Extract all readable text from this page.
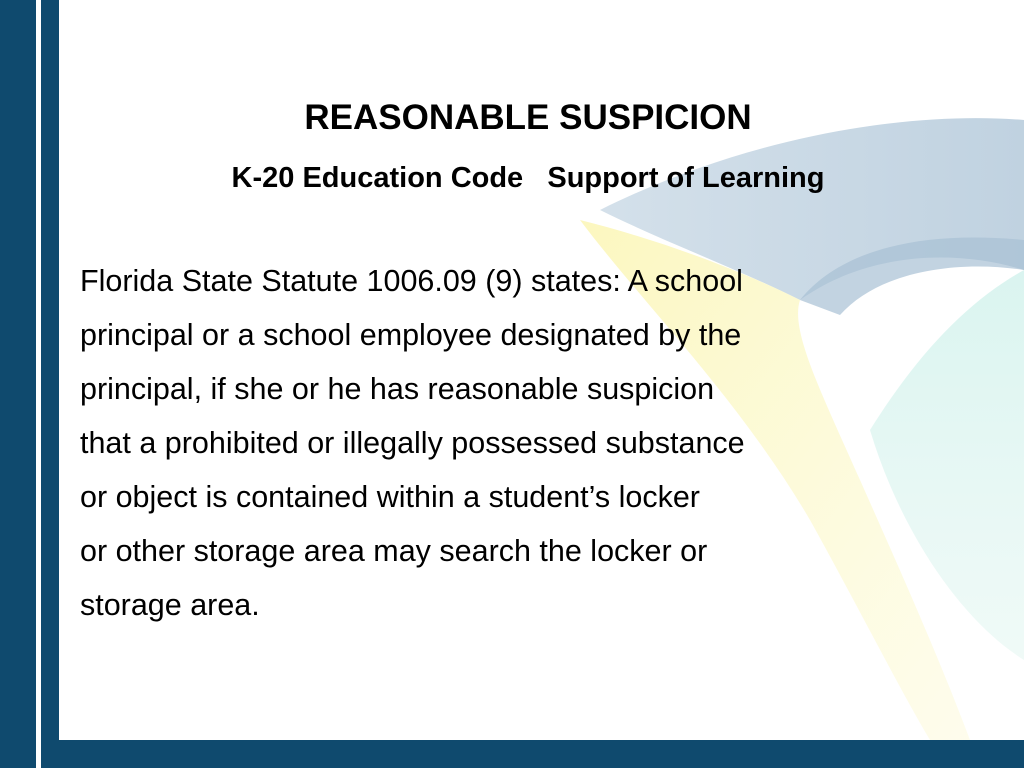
REASONABLE SUSPICION
K-20 Education Code   Support of Learning

Florida State Statute 1006.09 (9) states: A school
principal or a school employee designated by the
principal, if she or he has reasonable suspicion
that a prohibited or illegally possessed substance
or object is contained within a student’s locker
or other storage area may search the locker or
storage area.
